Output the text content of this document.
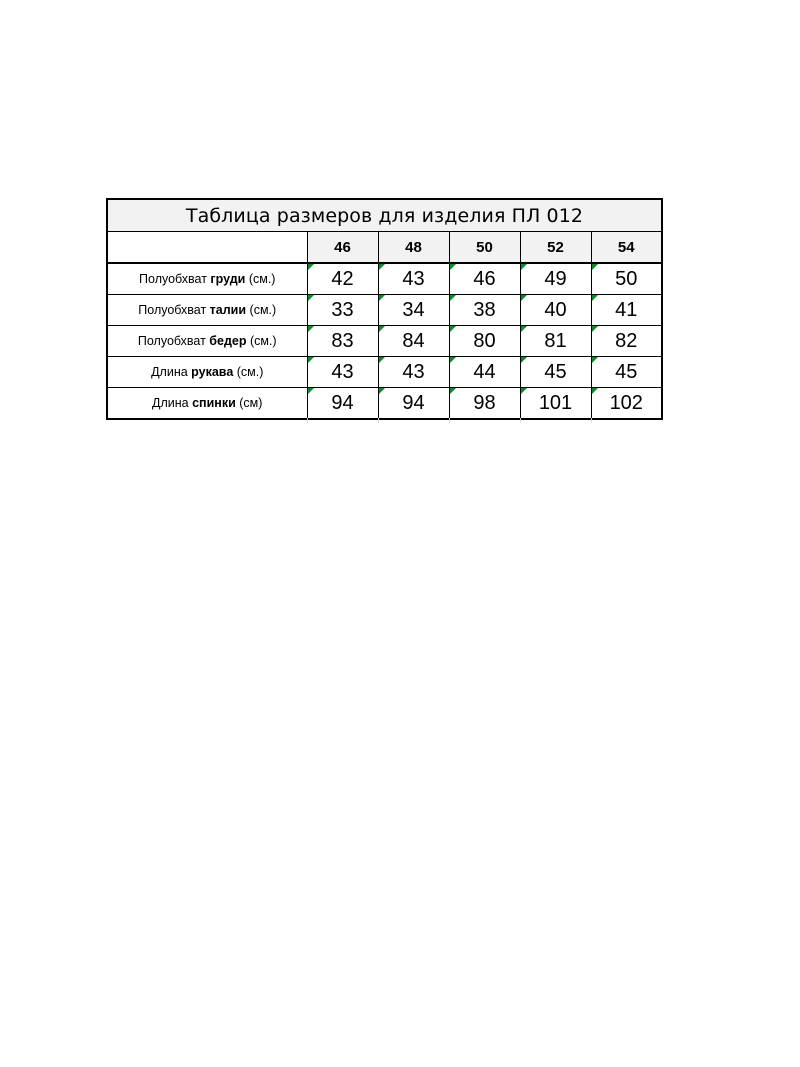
Таблица размеров для изделия ПЛ 012					
	46	48	50	52	54
Полуобхват груди (см.)	42	43	46	49	50
Полуобхват талии (см.)	33	34	38	40	41
Полуобхват бедер (см.)	83	84	80	81	82
Длина рукава (см.)	43	43	44	45	45
Длина спинки (см)	94	94	98	101	102
